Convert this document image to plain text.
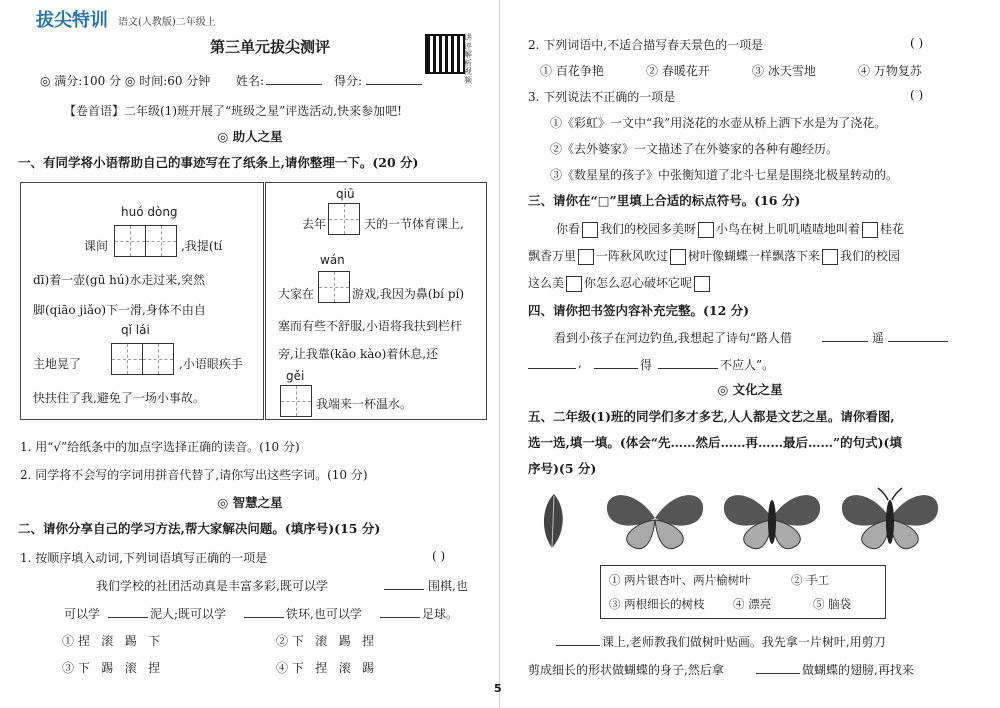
拔尖特训 语文(人教版)二年级上
第三单元拔尖测评
讲评解析视频
◎ 满分:100 分 ◎ 时间:60 分钟 姓名:	得分:
【卷首语】二年级(1)班开展了“班级之星”评选活动,快来参加吧!
◎ 助人之星
一、有同学将小语帮助自己的事迹写在了纸条上,请你整理一下。(20 分)
huó dòng
课间	,我提(tí
dī)着一壶(gū hú)水走过来,突然
脚(qiāo jiǎo)下一滑,身体不由自
qǐ lái
主地晃了	,小语眼疾手
快扶住了我,避免了一场小事故。
qiū
去年	天的一节体育课上,
wán
大家在	游戏,我因为鼻(bí pí)
塞而有些不舒服,小语将我扶到栏杆
旁,让我靠(kāo kào)着休息,还
gěi
我端来一杯温水。
1. 用“√”给纸条中的加点字选择正确的读音。(10 分)
2. 同学将不会写的字词用拼音代替了,请你写出这些字词。(10 分)
◎ 智慧之星
二、请你分享自己的学习方法,帮大家解决问题。(填序号)(15 分)
1. 按顺序填入动词,下列词语填写正确的一项是	( )
我们学校的社团活动真是丰富多彩,既可以学	围棋,也
可以学	泥人;既可以学	铁环,也可以学	足球。
① 捏   滚   踢   下	② 下   滚   踢   捏
③ 下   踢   滚   捏	④ 下   捏   滚   踢
2. 下列词语中,不适合描写春天景色的一项是	( )
① 百花争艳	② 春暖花开	③ 冰天雪地	④ 万物复苏
3. 下列说法不正确的一项是	( )
①《彩虹》一文中“我”用浇花的水壶从桥上洒下水是为了浇花。
②《去外婆家》一文描述了在外婆家的各种有趣经历。
③《数星星的孩子》中张衡知道了北斗七星是围绕北极星转动的。
三、请你在“□”里填上合适的标点符号。(16 分)
你看 我们的校园多美呀 小鸟在树上叽叽喳喳地叫着 桂花
飘香万里 一阵秋风吹过 树叶像蝴蝶一样飘落下来 我们的校园
这么美 你怎么忍心破坏它呢
四、请你把书签内容补充完整。(12 分)
看到小孩子在河边钓鱼,我想起了诗句“路人借	遥
,	得	不应人”。
◎ 文化之星
五、二年级(1)班的同学们多才多艺,人人都是文艺之星。请你看图,
选一选,填一填。(体会“先……然后……再……最后……”的句式)(填
序号)(5 分)
① 两片银杏叶、两片榆树叶	② 手工
③ 两根细长的树枝 ④ 漂亮	⑤ 脑袋
课上,老师教我们做树叶贴画。我先拿一片树叶,用剪刀
剪成细长的形状做蝴蝶的身子,然后拿	做蝴蝶的翅膀,再找来
5
